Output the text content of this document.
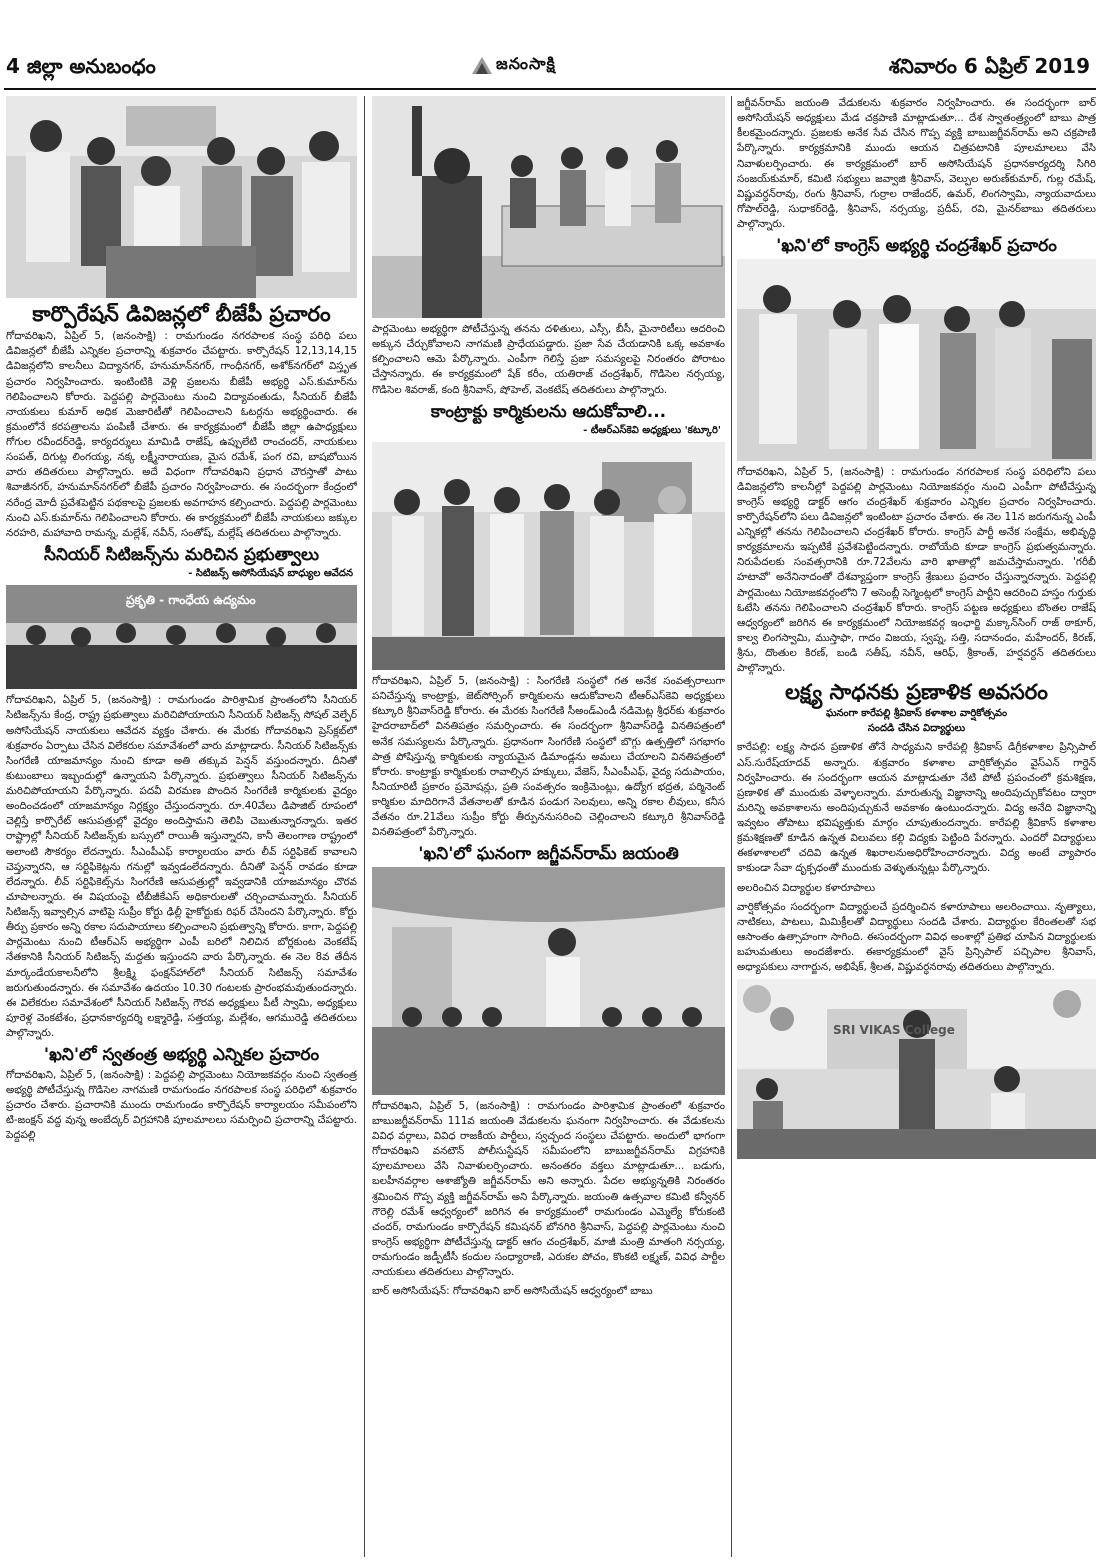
4 జిల్లా అనుబంధం	జనంసాక్షి	శనివారం 6 ఏప్రిల్ 2019
కార్పొరేషన్ డివిజన్లలో బీజేపీ ప్రచారం

గోదావరిఖని, ఏప్రిల్ 5, (జనంసాక్షి) : రామగుండం నగరపాలక సంస్థ పరిధి పలు డివిజన్లలో బీజేపీ ఎన్నికల ప్రచారాన్ని శుక్రవారం చేపట్టారు. కార్పొరేషన్ 12,13,14,15 డివిజన్లలోని కాలనీలు విద్యానగర్, హనుమాన్‌నగర్, గాంధీనగర్, అశోక్‌నగర్‌లో విస్తృత ప్రచారం నిర్వహించారు. ఇంటింటికి వెళ్లి ప్రజలను బీజేపీ అభ్యర్థి ఎస్.కుమార్‌ను గెలిపించాలని కోరారు. పెద్దపల్లి పార్లమెంటు నుంచి విద్యావంతుడు, సీనియర్ బీజేపీ నాయకులు కుమార్ అధిక మెజారిటీతో గెలిపించాలని ఓటర్లను అభ్యర్థించారు. ఈ క్రమంలోనే కరపత్రాలను పంపిణీ చేశారు. ఈ కార్యక్రమంలో బీజేపీ జిల్లా ఉపాధ్యక్షులు గోగుల రవీందర్‌రెడ్డి, కార్యదర్శులు మామిడి రాజేష్, ఉప్పులేటి రాంచందర్, నాయకులు సంపత్, దిగుట్ల లింగయ్య, నక్క లక్ష్మీనారాయణ, మైస రమేశ్, పంగ రవి, బాషబోయిన వారు తదితరులు పాల్గొన్నారు. అదే విధంగా గోదావరిఖని ప్రధాన చౌరస్తాతో పాటు శివాజీనగర్, హనుమాన్‌నగర్‌లో బీజేపీ ప్రచారం నిర్వహించారు. ఈ సందర్భంగా కేంద్రంలో నరేంద్ర మోదీ ప్రవేశపెట్టిన పథకాలపై ప్రజలకు అవగాహన కల్పించారు. పెద్దపల్లి పార్లమెంటు నుంచి ఎస్.కుమార్‌ను గెలిపించాలని కోరారు. ఈ కార్యక్రమంలో బీజేపీ నాయకులు జక్కుల నరహరి, మహావాది రామన్న, మల్లేశ్, నవీన్, సంతోష్, మల్లేష్ తదితరులు పాల్గొన్నారు.

సీనియర్ సిటిజన్స్‌ను మరిచిన ప్రభుత్వాలు
- సిటిజన్స్ అసోసియేషన్ బాధ్యుల ఆవేదన
ప్రకృతి - గాంధేయ ఉద్యమం

గోదావరిఖని, ఏప్రిల్ 5, (జనంసాక్షి) : రామగుండం పారిశ్రామిక ప్రాంతంలోని సీనియర్ సిటిజన్స్‌ను కేంద్ర, రాష్ట్ర ప్రభుత్వాలు మరిచిపోయాయని సీనియర్ సిటిజన్స్ సోషల్ వెల్ఫేర్ అసోసియేషన్ నాయకులు ఆవేదన వ్యక్తం చేశారు. ఈ మేరకు గోదావరిఖని ప్రెస్‌క్లబ్‌లో శుక్రవారం ఏర్పాటు చేసిన విలేకరుల సమావేశంలో వారు మాట్లాడారు. సీనియర్ సిటిజన్స్‌కు సింగరేణి యాజమాన్యం నుంచి కూడా అతి తక్కువ పెన్షన్ వస్తుందన్నారు. దీనితో కుటుంబాలు ఇబ్బందుల్లో ఉన్నాయని పేర్కొన్నారు. ప్రభుత్వాలు సీనియర్ సిటిజన్స్‌ను మరిచిపోయాయని పేర్కొన్నారు. పదవీ విరమణ పొందిన సింగరేణి కార్మికులకు వైద్యం అందించడంలో యాజమాన్యం నిర్లక్ష్యం చేస్తుందన్నారు. రూ.40వేలు డిపాజిట్ రూపంలో చెల్లిస్తే కార్పొరేట్ ఆసుపత్రుల్లో వైద్యం అందిస్తామని తెలిపి చెబుతున్నారన్నారు. ఇతర రాష్ట్రాల్లో సీనియర్ సిటిజన్స్‌కు బస్సులో రాయితీ ఇస్తున్నారని, కానీ తెలంగాణ రాష్ట్రంలో అలాంటి సౌకర్యం లేదన్నారు. సీఎంపీఎఫ్ కార్యాలయం వారు లీవ్ సర్టిఫికెట్ కావాలని చెప్తున్నారని, ఆ సర్టిఫికెట్లను గనుల్లో ఇవ్వడంలేదన్నారు. దీనితో పెన్షన్ రావడం కూడా లేదన్నారు. లీవ్ సర్టిఫికెట్స్‌ను సింగరేణి ఆసుపత్రుల్లో ఇవ్వడానికి యాజమాన్యం చొరవ చూపాలన్నారు. ఈ విషయంపై టీబీజీకేఎస్ అధికారులతో చర్చించామన్నారు. సీనియర్ సిటిజన్స్ ఇవ్వాల్సిన వాటిపై సుప్రీం కోర్టు ఢిల్లీ హైకోర్టుకు రిఫర్ చేసిందని పేర్కొన్నారు. కోర్టు తీర్పు ప్రకారం అన్ని రకాల సదుపాయాలు కల్పించాలని ప్రభుత్వాన్ని కోరారు. కాగా, పెద్దపల్లి పార్లమెంటు నుంచి టీఆర్ఎస్ అభ్యర్థిగా ఎంపీ బరిలో నిలిచిన బోర్లకుంట వెంకటేష్ నేతకానికి సీనియర్ సిటిజన్స్ మద్దతు ఇస్తుందని వారు పేర్కొన్నారు. ఈ నెల 8వ తేదీన మార్కండేయకాలనీలోని శ్రీలక్ష్మి ఫంక్షన్‌హాల్‌లో సీనియర్ సిటిజన్స్ సమావేశం జరుగుతుందన్నారు. ఈ సమావేశం ఉదయం 10.30 గంటలకు ప్రారంభమవుతుందన్నారు. ఈ విలేకరుల సమావేశంలో సీనియర్ సిటిజన్స్ గౌరవ అధ్యక్షులు పీటీ స్వామి, అధ్యక్షులు పూరెళ్ల వెంకటేశం, ప్రధానకార్యదర్శి లక్ష్మారెడ్డి, సత్తయ్య, మల్లేశం, ఆగమురెడ్డి తదితరులు పాల్గొన్నారు.

'ఖని'లో స్వతంత్ర అభ్యర్థి ఎన్నికల ప్రచారం

గోదావరిఖని, ఏప్రిల్ 5, (జనంసాక్షి) : పెద్దపల్లి పార్లమెంటు నియోజకవర్గం నుంచి స్వతంత్ర అభ్యర్థి పోటీచేస్తున్న గొడిసెల నాగమణి రామగుండం నగరపాలక సంస్థ పరిధిలో శుక్రవారం ప్రచారం చేశారు. ప్రచారానికి ముందు రామగుండం కార్పొరేషన్ కార్యాలయం సమీపంలోని టి-జంక్షన్ వద్ద వున్న అంబేద్కర్ విగ్రహానికి పూలమాలలు సమర్పించి ప్రచారాన్ని చేపట్టారు. పెద్దపల్లి

పార్లమెంటు అభ్యర్థిగా పోటీచేస్తున్న తనను దళితులు, ఎస్సీ, బీసీ, మైనారిటీలు ఆదరించి అక్కున చేర్చుకోవాలని నాగమణి ప్రాధేయపడ్డారు. ప్రజా సేవ చేయడానికి ఒక్క అవకాశం కల్పించాలని ఆమె పేర్కొన్నారు. ఎంపీగా గెలిస్తే ప్రజా సమస్యలపై నిరంతరం పోరాటం చేస్తానన్నారు. ఈ కార్యక్రమంలో షేక్ కరీం, యతిరాజ్ చంద్రశేఖర్, గొడిసెల నర్సయ్య, గొడిసెల శివరాజ్, కంది శ్రీనివాస్, షోహెల్, వెంకటేష్ తదితరులు పాల్గొన్నారు.

కాంట్రాక్టు కార్మికులను ఆదుకోవాలి...
- టీఆర్ఎస్‌కెవి అధ్యక్షులు 'కట్కూరి'

గోదావరిఖని, ఏప్రిల్ 5, (జనంసాక్షి) : సింగరేణి సంస్థలో గత అనేక సంవత్సరాలుగా పనిచేస్తున్న కాంట్రాక్టు, జెట్‌సోర్సింగ్ కార్మికులను ఆదుకోవాలని టీఆర్ఎస్‌కెవి అధ్యక్షులు కట్కూరి శ్రీనివాస్‌రెడ్డి కోరారు. ఈ మేరకు సింగరేణి సీఅండ్ఎండీ నడిమెట్ల శ్రీధర్‌కు శుక్రవారం హైదరాబాద్‌లో వినతిపత్రం సమర్పించారు. ఈ సందర్భంగా శ్రీనివాస్‌రెడ్డి వినతిపత్రంలో అనేక సమస్యలను పేర్కొన్నారు. ప్రధానంగా సింగరేణి సంస్థలో బొగ్గు ఉత్పత్తిలో సగభాగం పాత్ర పోషిస్తున్న కార్మికులకు న్యాయమైన డిమాండ్లను అమలు చేయాలని వినతిపత్రంలో కోరారు. కాంట్రాక్టు కార్మికులకు రావాల్సిన హక్కులు, వేజెస్, సీఎంపీఎఫ్, వైద్య సదుపాయం, సీనియారిటీ ప్రకారం ప్రమోషన్లు, ప్రతి సంవత్సరం ఇంక్రిమెంట్లు, ఉద్యోగ భద్రత, పర్మినెంట్ కార్మికుల మాదిరిగానే వేతనాలతో కూడిన పండుగ సెలవులు, అన్ని రకాల లీవులు, కనీస వేతనం రూ.21వేలు సుప్రీం కోర్టు తీర్పుననుసరించి చెల్లించాలని కట్కూరి శ్రీనివాస్‌రెడ్డి వినతిపత్రంలో పేర్కొన్నారు.

'ఖని'లో ఘనంగా జగ్జీవన్‌రామ్ జయంతి

గోదావరిఖని, ఏప్రిల్ 5, (జనంసాక్షి) : రామగుండం పారిశ్రామిక ప్రాంతంలో శుక్రవారం బాబుజగ్జీవన్‌రామ్ 111వ జయంతి వేడుకలను ఘనంగా నిర్వహించారు. ఈ వేడుకలను వివిధ వర్గాలు, వివిధ రాజకీయ పార్టీలు, స్వచ్ఛంద సంస్థలు చేపట్టారు. అందులో భాగంగా గోదావరిఖని వనటౌన్ పోలీసుస్టేషన్ సమీపంలోని బాబుజగ్జీవన్‌రామ్ విగ్రహానికి పూలమాలలు వేసి నివాళులర్పించారు. అనంతరం వక్తలు మాట్లాడుతూ... బడుగు, బలహీనవర్గాల ఆశాజ్యోతి జగ్జీవన్‌రామ్ అని అన్నారు. పేదల అభ్యున్నతికి నిరంతరం శ్రమించిన గొప్ప వ్యక్తి జగ్జీవన్‌రామ్ అని పేర్కొన్నారు. జయంతి ఉత్సవాల కమిటి కన్వీనర్ గౌరెల్లి రమేశ్ ఆధ్వర్యంలో జరిగిన ఈ కార్యక్రమంలో రామగుండం ఎమ్మెల్యే కోరుకంటి చందర్, రామగుండం కార్పొరేషన్ కమిషనర్ బోనగిరి శ్రీనివాస్, పెద్దపల్లి పార్లమెంటు నుంచి కాంగ్రెస్ అభ్యర్థిగా పోటీచేస్తున్న డాక్టర్ ఆగం చంద్రశేఖర్, మాజీ మంత్రి మాతంగి నర్సయ్య, రామగుండం జడ్పీటీసీ కందుల సంధ్యారాణి, ఎరుకల పోచం, కొంకటి లక్ష్మణ్, వివిధ పార్టీల నాయకులు తదితరులు పాల్గొన్నారు.

బార్ అసోసియేషన్: గోదావరిఖని బార్ అసోసియేషన్ ఆధ్వర్యంలో బాబు

జగ్జీవన్‌రామ్ జయంతి వేడుకలను శుక్రవారం నిర్వహించారు. ఈ సందర్భంగా బార్ అసోసియేషన్ అధ్యక్షులు మేడ చక్రపాణి మాట్లాడుతూ... దేశ స్వాతంత్ర్యంలో బాబు పాత్ర కీలకమైందన్నారు. ప్రజలకు అనేక సేవ చేసిన గొప్ప వ్యక్తి బాబుజగ్జీవన్‌రామ్ అని చక్రపాణి పేర్కొన్నారు. కార్యక్రమానికి ముందు ఆయన చిత్రపటానికి పూలమాలలు వేసి నివాళులర్పించారు. ఈ కార్యక్రమంలో బార్ అసోసియేషన్ ప్రధానకార్యదర్శి సిగిరి సంజయ్‌కుమార్, కమిటి సభ్యులు జవ్వాజి శ్రీనివాస్, వెల్పుల అరుణ్‌కుమార్, గుల్ల రమేష్, విష్ణువర్ధన్‌రావు, రంగు శ్రీనివాస్, గుర్రాల రాజేందర్, ఉమర్, లింగస్వామి, న్యాయవాదులు గోపాల్‌రెడ్డి, సుధాకర్‌రెడ్డి, శ్రీనివాస్, నర్సయ్య, ప్రదీప్, రవి, మైనర్‌బాబు తదితరులు పాల్గొన్నారు.

'ఖని'లో కాంగ్రెస్ అభ్యర్థి చంద్రశేఖర్ ప్రచారం

గోదావరిఖని, ఏప్రిల్ 5, (జనంసాక్షి) : రామగుండం నగరపాలక సంస్థ పరిధిలోని పలు డివిజన్లలోని కాలనీల్లో పెద్దపల్లి పార్లమెంటు నియోజకవర్గం నుంచి ఎంపీగా పోటీచేస్తున్న కాంగ్రెస్ అభ్యర్థి డాక్టర్ ఆగం చంద్రశేఖర్ శుక్రవారం ఎన్నికల ప్రచారం నిర్వహించారు. కార్పొరేషన్‌లోని పలు డివిజన్లలో ఇంటింటా ప్రచారం చేశారు. ఈ నెల 11న జరుగనున్న ఎంపీ ఎన్నికల్లో తనను గెలిపించాలని చంద్రశేఖర్ కోరారు. కాంగ్రెస్ పార్టీ అనేక సంక్షేమ, అభివృద్ధి కార్యక్రమాలను ఇప్పటికే ప్రవేశపెట్టిందన్నారు. రాబోయేది కూడా కాంగ్రెస్ ప్రభుత్వమన్నారు. నిరుపేదలకు సంవత్సరానికి రూ.72వేలను వారి ఖాతాల్లో జమచేస్తామన్నారు. 'గరీబీ హటావో' అనేనినాదంతో దేశవ్యాప్తంగా కాంగ్రెస్ శ్రేణులు ప్రచారం చేస్తున్నారన్నారు. పెద్దపల్లి పార్లమెంటు నియోజకవర్గంలోని 7 అసెంబ్లీ సెగ్మెంట్లలో కాంగ్రెస్ పార్టీని ఆదరించి హస్తం గుర్తుకు ఓటేసి తనను గెలిపించాలని చంద్రశేఖర్ కోరారు. కాంగ్రెస్ పట్టణ అధ్యక్షులు బొంతల రాజేష్ ఆధ్వర్యంలో జరిగిన ఈ కార్యక్రమంలో నియోజకవర్గ ఇంఛార్జి మక్కాన్‌సింగ్ రాజ్ ఠాకూర్, కాల్వ లింగస్వామి, ముస్తాఫా, గాదం విజయ, స్వప్న, సత్తి, సదానందం, మహేందర్, కిరణ్, శ్రీను, దొంతుల కిరణ్, బండి సతీష్, నవీన్, ఆరిఫ్, శ్రీకాంత్, హర్షవర్దన్ తదితరులు పాల్గొన్నారు.

లక్ష్య సాధనకు ప్రణాళిక అవసరం
ఘనంగా కారేపల్లి శ్రీవికాస్ కళాశాల వార్షికోత్సవం
సందడి చేసిన విద్యార్థులు

కారేపల్లి: లక్ష్య సాధన ప్రణాళిక తోనే సాధ్యమని కారేపల్లి శ్రీవికాస్ డిగ్రీకళాశాల ప్రిన్సిపాల్ ఎస్.సురేష్‌యాదవ్ అన్నారు. శుక్రవారం కళాశాల వార్షికోత్సవం వైస్‌ఎన్ గార్డెన్ నిర్వహించారు. ఈ సందర్భంగా ఆయన మాట్లాడుతూ నేటి పోటీ ప్రపంచంలో క్రమశిక్షణ, ప్రణాళిక తో ముందుకు వెళ్ళాలన్నారు. మారుతున్న విజ్ఞానాన్ని అందిపుచ్చుకోవటం ద్వారా మరిన్ని అవకాశాలను అందిపుచ్చుకునే అవకాశం ఉంటుందన్నారు. విద్య అనేది విజ్ఞానాన్ని ఇవ్వటం తోపాటు భవిష్యత్తుకు మార్గం చూపుతుందన్నారు. కారేపల్లి శ్రీవికాస్ కళాశాల క్రమశిక్షణతో కూడిన ఉన్నత విలువలు కల్గి విద్యకు పెట్టింది పేరన్నారు. ఎందరో విద్యార్థులు ఈకళాశాలలో చదివి ఉన్నత శిఖరాలనుఅధిరోహించారన్నారు. విద్య అంటే వ్యాపారం కాకుండా సేవా దృక్పధంతో ముందుకు వెళ్ళుతున్నట్లు పేర్కొన్నారు.

అలరించిన విద్యార్థుల కళారూపాలు

వార్షికోత్సవం సందర్భంగా విద్యార్థులచే ప్రదర్శించిన కళారూపాలు అలరించాయి. నృత్యాలు, నాటికలు, పాటలు, మిమిక్రీలతో విద్యార్థులు సందడి చేశారు. విద్యార్థుల కేరింతలతో సభ ఆసాంతం ఉత్సాహంగా సాగింది. ఈసందర్భంగా వివిధ అంశాల్లో ప్రతిభ చూపిన విద్యార్థులకు బహుమతులు అందజేశారు. ఈకార్యక్రమంలో వైస్ ప్రిన్సిపాల్ పచ్చిపాల శ్రీనివాస్, అధ్యాపకులు నాగార్జున, అభిషేక్, శ్రీలత, విష్ణువర్ధనరావు తదితరులు పాల్గొన్నారు.

SRI VIKAS College
